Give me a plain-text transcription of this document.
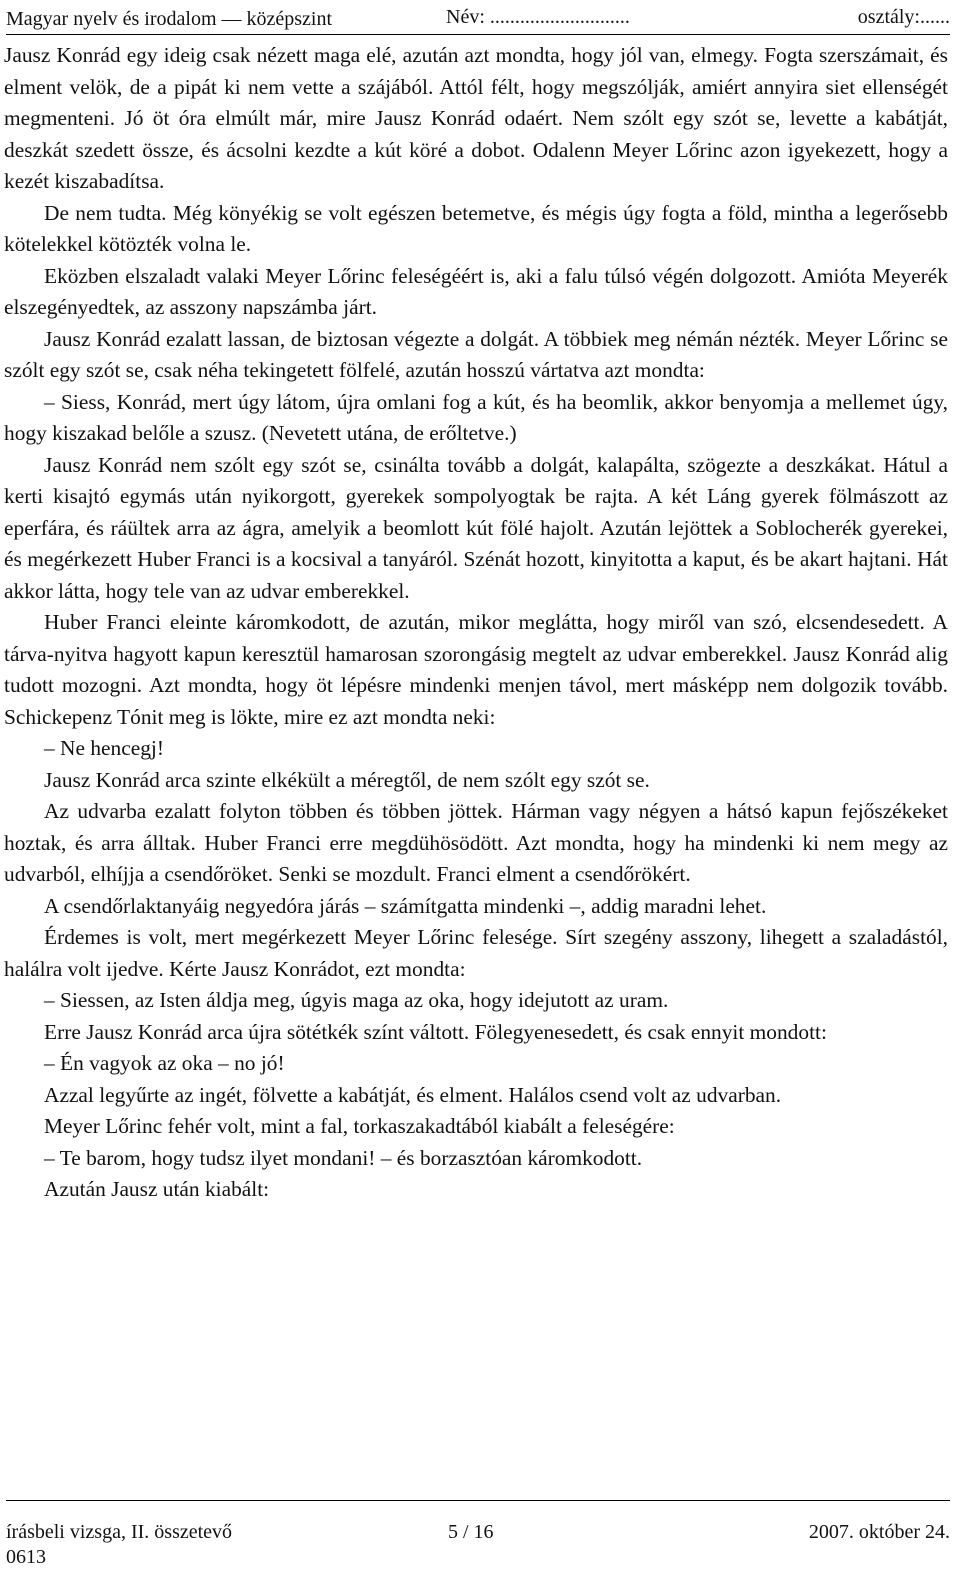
Magyar nyelv és irodalom — középszint	Név: ............................	osztály:......

Jausz Konrád egy ideig csak nézett maga elé, azután azt mondta, hogy jól van, elmegy. Fogta szerszámait, és elment velök, de a pipát ki nem vette a szájából. Attól félt, hogy megszólják, amiért annyira siet ellenségét megmenteni. Jó öt óra elmúlt már, mire Jausz Konrád odaért. Nem szólt egy szót se, levette a kabátját, deszkát szedett össze, és ácsolni kezdte a kút köré a dobot. Odalenn Meyer Lőrinc azon igyekezett, hogy a kezét kiszabadítsa.

De nem tudta. Még könyékig se volt egészen betemetve, és mégis úgy fogta a föld, mintha a legerősebb kötelekkel kötözték volna le.

Eközben elszaladt valaki Meyer Lőrinc feleségéért is, aki a falu túlsó végén dolgozott. Amióta Meyerék elszegényedtek, az asszony napszámba járt.

Jausz Konrád ezalatt lassan, de biztosan végezte a dolgát. A többiek meg némán nézték. Meyer Lőrinc se szólt egy szót se, csak néha tekingetett fölfelé, azután hosszú vártatva azt mondta:

– Siess, Konrád, mert úgy látom, újra omlani fog a kút, és ha beomlik, akkor benyomja a mellemet úgy, hogy kiszakad belőle a szusz. (Nevetett utána, de erőltetve.)

Jausz Konrád nem szólt egy szót se, csinálta tovább a dolgát, kalapálta, szögezte a deszkákat. Hátul a kerti kisajtó egymás után nyikorgott, gyerekek sompolyogtak be rajta. A két Láng gyerek fölmászott az eperfára, és ráültek arra az ágra, amelyik a beomlott kút fölé hajolt. Azután lejöttek a Soblocherék gyerekei, és megérkezett Huber Franci is a kocsival a tanyáról. Szénát hozott, kinyitotta a kaput, és be akart hajtani. Hát akkor látta, hogy tele van az udvar emberekkel.

Huber Franci eleinte káromkodott, de azután, mikor meglátta, hogy miről van szó, elcsendesedett. A tárva-nyitva hagyott kapun keresztül hamarosan szorongásig megtelt az udvar emberekkel. Jausz Konrád alig tudott mozogni. Azt mondta, hogy öt lépésre mindenki menjen távol, mert másképp nem dolgozik tovább. Schickepenz Tónit meg is lökte, mire ez azt mondta neki:

– Ne hencegj!

Jausz Konrád arca szinte elkékült a méregtől, de nem szólt egy szót se.

Az udvarba ezalatt folyton többen és többen jöttek. Hárman vagy négyen a hátsó kapun fejőszékeket hoztak, és arra álltak. Huber Franci erre megdühösödött. Azt mondta, hogy ha mindenki ki nem megy az udvarból, elhíjja a csendőröket. Senki se mozdult. Franci elment a csendőrökért.

A csendőrlaktanyáig negyedóra járás – számítgatta mindenki –, addig maradni lehet.

Érdemes is volt, mert megérkezett Meyer Lőrinc felesége. Sírt szegény asszony, lihegett a szaladástól, halálra volt ijedve. Kérte Jausz Konrádot, ezt mondta:

– Siessen, az Isten áldja meg, úgyis maga az oka, hogy idejutott az uram.

Erre Jausz Konrád arca újra sötétkék színt váltott. Fölegyenesedett, és csak ennyit mondott:

– Én vagyok az oka – no jó!

Azzal legyűrte az ingét, fölvette a kabátját, és elment. Halálos csend volt az udvarban.

Meyer Lőrinc fehér volt, mint a fal, torkaszakadtából kiabált a feleségére:

– Te barom, hogy tudsz ilyet mondani! – és borzasztóan káromkodott.

Azután Jausz után kiabált:

írásbeli vizsga, II. összetevő	5 / 16	2007. október 24.
0613
